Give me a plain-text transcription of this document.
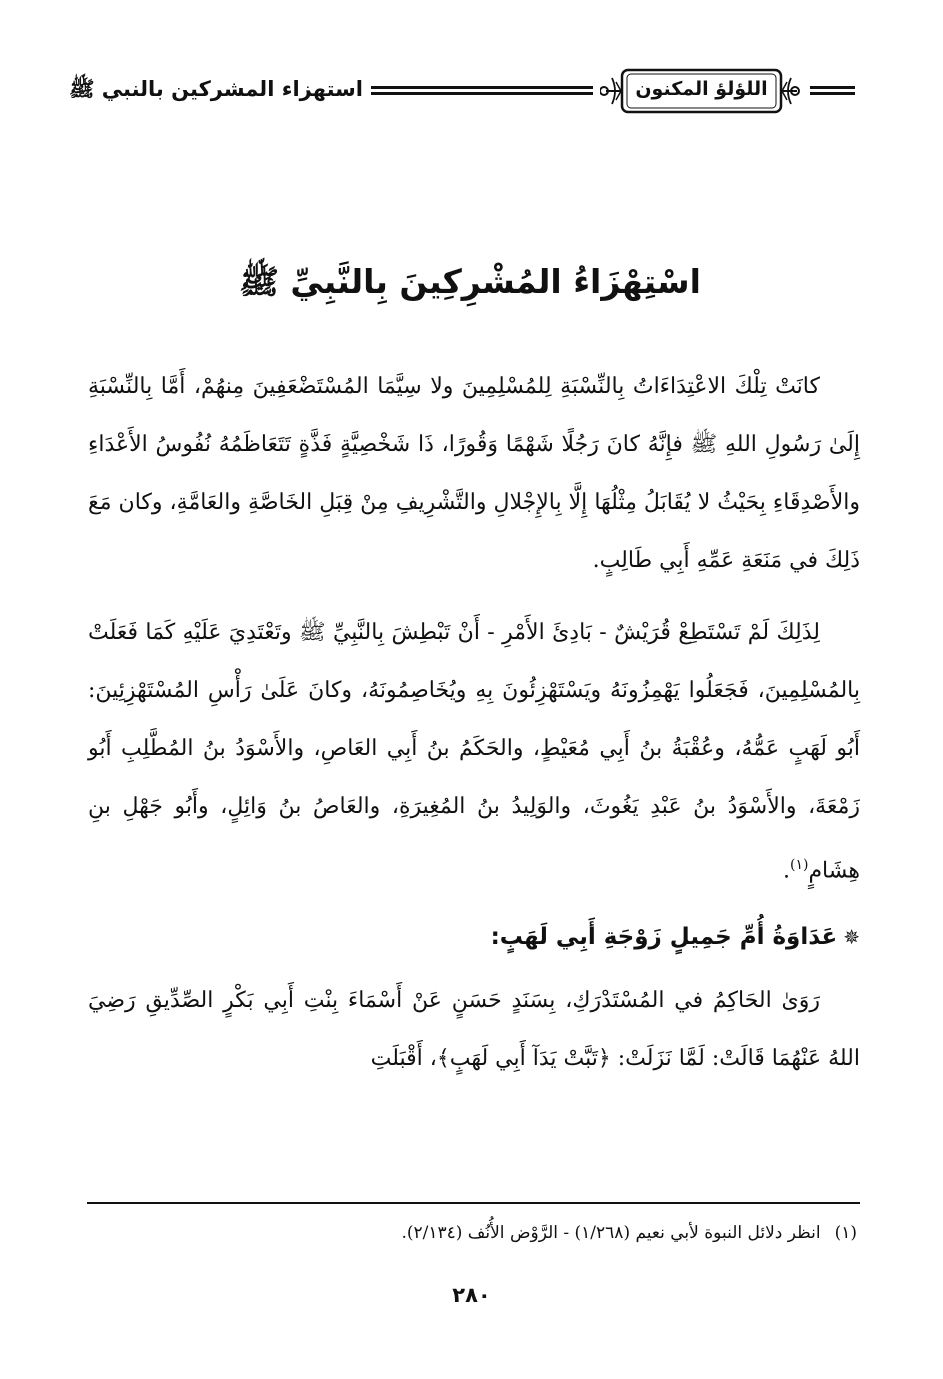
اللؤلؤ المكنون
استهزاء المشركين بالنبي ﷺ
اسْتِهْزَاءُ المُشْرِكِينَ بِالنَّبِيِّ ﷺ

كانَتْ تِلْكَ الاعْتِدَاءَاتُ بِالنِّسْبَةِ لِلمُسْلِمِينَ ولا سِيَّمَا المُسْتَضْعَفِينَ مِنهُمْ، أَمَّا بِالنِّسْبَةِ إِلَىٰ رَسُولِ اللهِ ﷺ فإِنَّهُ كانَ رَجُلًا شَهْمًا وَقُورًا، ذَا شَخْصِيَّةٍ فَذَّةٍ تَتَعَاظَمُهُ نُفُوسُ الأَعْدَاءِ والأَصْدِقَاءِ بِحَيْثُ لا يُقَابَلُ مِثْلُهَا إِلَّا بِالإِجْلالِ والتَّشْرِيفِ مِنْ قِبَلِ الخَاصَّةِ والعَامَّةِ، وكان مَعَ ذَلِكَ في مَنَعَةِ عَمِّهِ أَبِي طَالِبٍ.

لِذَلِكَ لَمْ تَسْتَطِعْ قُرَيْشٌ - بَادِئَ الأَمْرِ - أَنْ تَبْطِشَ بِالنَّبِيِّ ﷺ وتَعْتَدِيَ عَلَيْهِ كَمَا فَعَلَتْ بِالمُسْلِمِينَ، فَجَعَلُوا يَهْمِزُونَهُ ويَسْتَهْزِئُونَ بِهِ ويُخَاصِمُونَهُ، وكانَ عَلَىٰ رَأْسِ المُسْتَهْزِئِينَ: أَبُو لَهَبٍ عَمُّهُ، وعُقْبَةُ بنُ أَبِي مُعَيْطٍ، والحَكَمُ بنُ أَبِي العَاصِ، والأَسْوَدُ بنُ المُطَّلِبِ أَبُو زَمْعَةَ، والأَسْوَدُ بنُ عَبْدِ يَغُوثَ، والوَلِيدُ بنُ المُغِيرَةِ، والعَاصُ بنُ وَائِلٍ، وأَبُو جَهْلِ بنِ هِشَامٍ$^{(١)}$.

✵عَدَاوَةُ أُمِّ جَمِيلٍ زَوْجَةِ أَبِي لَهَبٍ:

رَوَىٰ الحَاكِمُ في المُسْتَدْرَكِ، بِسَنَدٍ حَسَنٍ عَنْ أَسْمَاءَ بِنْتِ أَبِي بَكْرٍ الصِّدِّيقِ رَضِيَ اللهُ عَنْهُمَا قَالَتْ: لَمَّا نَزَلَتْ: ﴿تَبَّتْ يَدَآ أَبِي لَهَبٍ﴾، أَقْبَلَتِ

(١)انظر دلائل النبوة لأبي نعيم (١/٢٦٨) - الرَّوْض الأُنُف (٢/١٣٤).
٢٨٠
